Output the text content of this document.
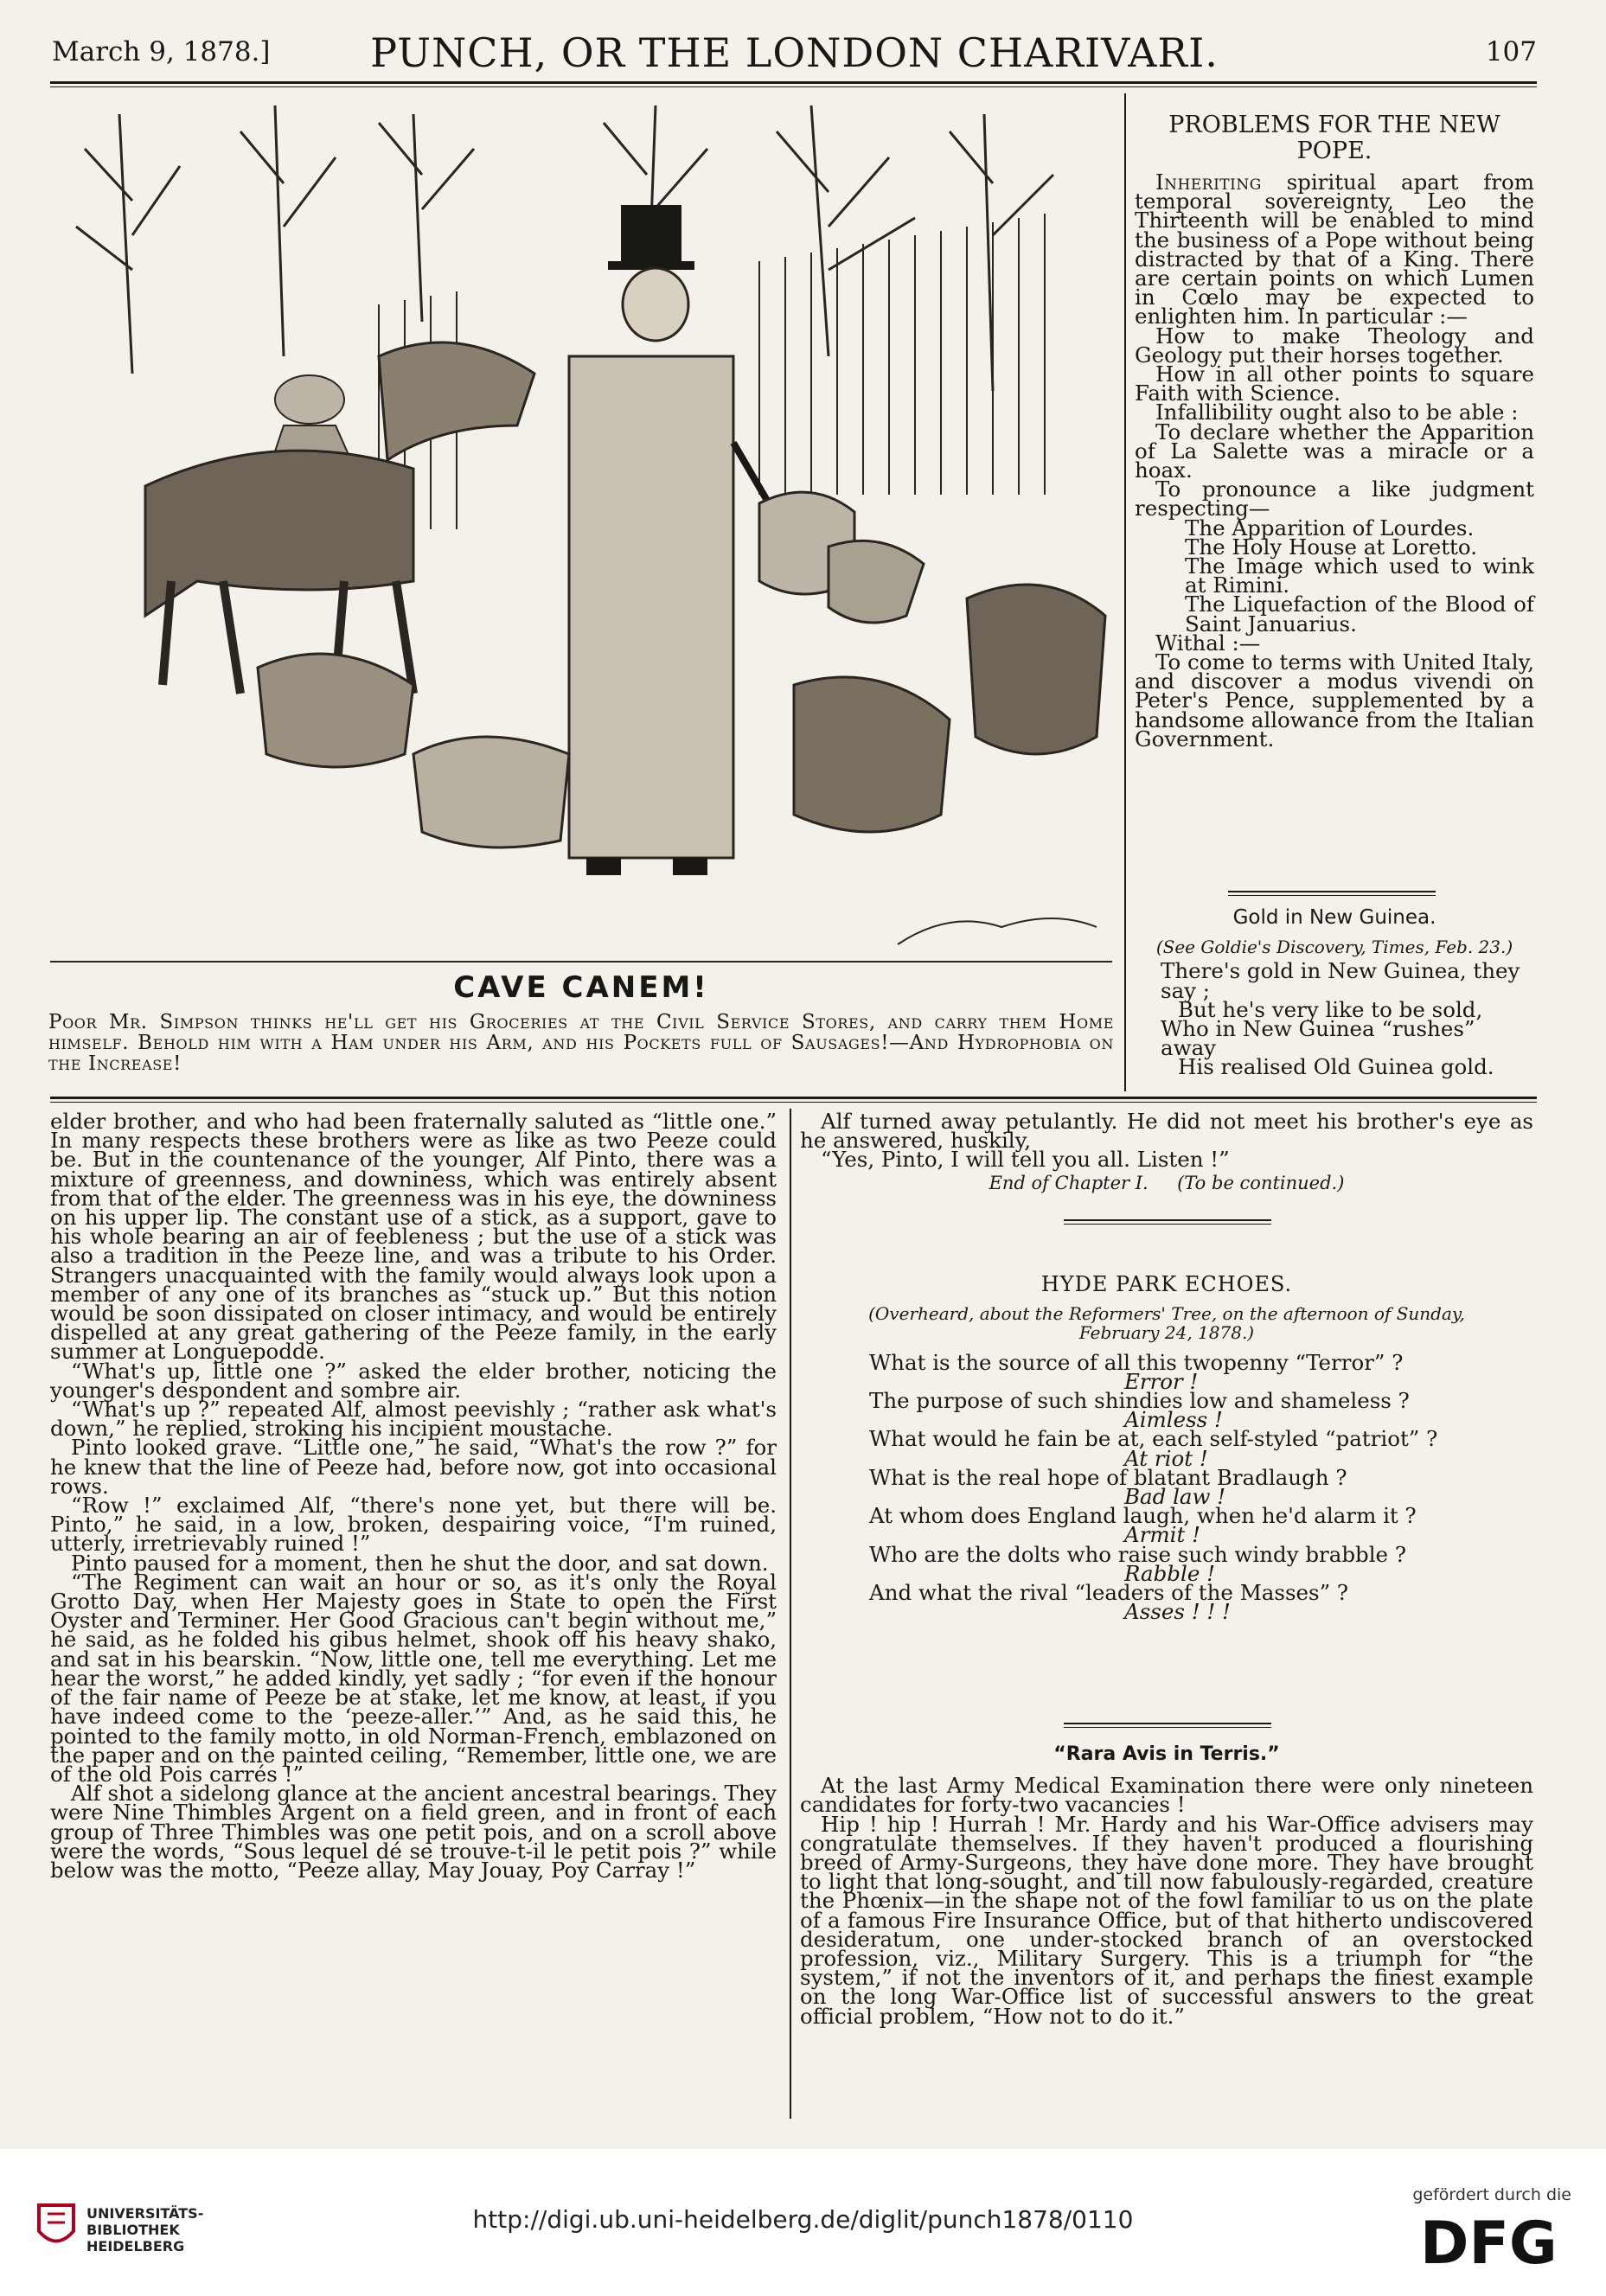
March 9, 1878.]	PUNCH, OR THE LONDON CHARIVARI.	107
CAVE CANEM!
Poor Mr. Simpson thinks he'll get his Groceries at the Civil Service Stores, and carry them Home himself. Behold him with a Ham under his Arm, and his Pockets full of Sausages!—And Hydrophobia on the Increase!
PROBLEMS FOR THE NEW POPE.

Inheriting spiritual apart from temporal sovereignty, Leo the Thirteenth will be enabled to mind the business of a Pope without being distracted by that of a King. There are certain points on which Lumen in Cœlo may be expected to enlighten him. In particular :—

How to make Theology and Geology put their horses together.

How in all other points to square Faith with Science.

Infallibility ought also to be able :

To declare whether the Apparition of La Salette was a miracle or a hoax.

To pronounce a like judgment respecting—

The Apparition of Lourdes.

The Holy House at Loretto.

The Image which used to wink at Rimini.

The Liquefaction of the Blood of Saint Januarius.

Withal :—

To come to terms with United Italy, and discover a modus vivendi on Peter's Pence, supplemented by a handsome allowance from the Italian Government.

Gold in New Guinea.
(See Goldie's Discovery, Times, Feb. 23.)

There's gold in New Guinea, they say ;

But he's very like to be sold,

Who in New Guinea “rushes” away

His realised Old Guinea gold.

elder brother, and who had been fraternally saluted as “little one.” In many respects these brothers were as like as two Peeze could be. But in the countenance of the younger, Alf Pinto, there was a mixture of greenness, and downiness, which was entirely absent from that of the elder. The greenness was in his eye, the downiness on his upper lip. The constant use of a stick, as a support, gave to his whole bearing an air of feebleness ; but the use of a stick was also a tradition in the Peeze line, and was a tribute to his Order. Strangers unacquainted with the family would always look upon a member of any one of its branches as “stuck up.” But this notion would be soon dissipated on closer intimacy, and would be entirely dispelled at any great gathering of the Peeze family, in the early summer at Longuepodde.

“What's up, little one ?” asked the elder brother, noticing the younger's despondent and sombre air.

“What's up ?” repeated Alf, almost peevishly ; “rather ask what's down,” he replied, stroking his incipient moustache.

Pinto looked grave. “Little one,” he said, “What's the row ?” for he knew that the line of Peeze had, before now, got into occasional rows.

“Row !” exclaimed Alf, “there's none yet, but there will be. Pinto,” he said, in a low, broken, despairing voice, “I'm ruined, utterly, irretrievably ruined !”

Pinto paused for a moment, then he shut the door, and sat down.

“The Regiment can wait an hour or so, as it's only the Royal Grotto Day, when Her Majesty goes in State to open the First Oyster and Terminer. Her Good Gracious can't begin without me,” he said, as he folded his gibus helmet, shook off his heavy shako, and sat in his bearskin. “Now, little one, tell me everything. Let me hear the worst,” he added kindly, yet sadly ; “for even if the honour of the fair name of Peeze be at stake, let me know, at least, if you have indeed come to the ‘peeze-aller.’” And, as he said this, he pointed to the family motto, in old Norman-French, emblazoned on the paper and on the painted ceiling, “Remember, little one, we are of the old Pois carrés !”

Alf shot a sidelong glance at the ancient ancestral bearings. They were Nine Thimbles Argent on a field green, and in front of each group of Three Thimbles was one petit pois, and on a scroll above were the words, “Sous lequel dé se trouve-t-il le petit pois ?” while below was the motto, “Peeze allay, May Jouay, Poy Carray !”

Alf turned away petulantly. He did not meet his brother's eye as he answered, huskily,

“Yes, Pinto, I will tell you all. Listen !”

End of Chapter I.     (To be continued.)
HYDE PARK ECHOES.
(Overheard, about the Reformers' Tree, on the afternoon of Sunday, February 24, 1878.)

What is the source of all this twopenny “Terror” ?

Error !

The purpose of such shindies low and shameless ?

Aimless !

What would he fain be at, each self-styled “patriot” ?

At riot !

What is the real hope of blatant Bradlaugh ?

Bad law !

At whom does England laugh, when he'd alarm it ?

Armit !

Who are the dolts who raise such windy brabble ?

Rabble !

And what the rival “leaders of the Masses” ?

Asses ! ! !

“Rara Avis in Terris.”

At the last Army Medical Examination there were only nineteen candidates for forty-two vacancies !

Hip ! hip ! Hurrah ! Mr. Hardy and his War-Office advisers may congratulate themselves. If they haven't produced a flourishing breed of Army-Surgeons, they have done more. They have brought to light that long-sought, and till now fabulously-regarded, creature the Phœnix—in the shape not of the fowl familiar to us on the plate of a famous Fire Insurance Office, but of that hitherto undiscovered desideratum, one under-stocked branch of an overstocked profession, viz., Military Surgery. This is a triumph for “the system,” if not the inventors of it, and perhaps the finest example on the long War-Office list of successful answers to the great official problem, “How not to do it.”

UNIVERSITÄTS-
BIBLIOTHEK
HEIDELBERG
http://digi.ub.uni-heidelberg.de/diglit/punch1878/0110
gefördert durch die
DFG
